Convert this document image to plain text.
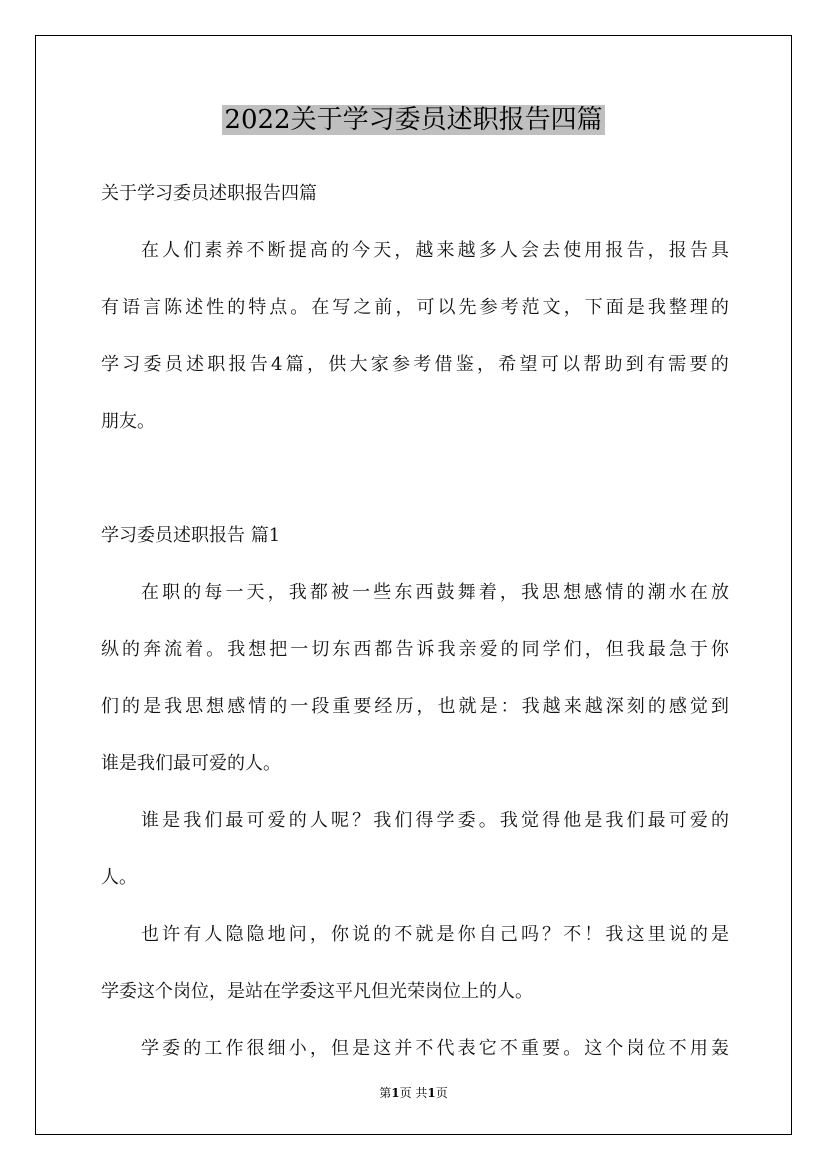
2022关于学习委员述职报告四篇
关于学习委员述职报告四篇
在 人 们 素 养 不 断 提 高 的 今 天 ， 越 来 越 多 人 会 去 使 用 报 告 ， 报 告 具
有 语 言 陈 述 性 的 特 点 。 在 写 之 前 ， 可 以 先 参 考 范 文 ， 下 面 是 我 整 理 的
学 习 委 员 述 职 报 告 4 篇 ， 供 大 家 参 考 借 鉴 ， 希 望 可 以 帮 助 到 有 需 要 的
朋友。
学习委员述职报告 篇1
在 职 的 每 一 天 ， 我 都 被 一 些 东 西 鼓 舞 着 ， 我 思 想 感 情 的 潮 水 在 放
纵 的 奔 流 着 。 我 想 把 一 切 东 西 都 告 诉 我 亲 爱 的 同 学 们 ， 但 我 最 急 于 你
们 的 是 我 思 想 感 情 的 一 段 重 要 经 历 ， 也 就 是 ： 我 越 来 越 深 刻 的 感 觉 到
谁是我们最可爱的人。
谁 是 我 们 最 可 爱 的 人 呢 ？ 我 们 得 学 委 。 我 觉 得 他 是 我 们 最 可 爱 的
人。
也 许 有 人 隐 隐 地 问 ， 你 说 的 不 就 是 你 自 己 吗 ？ 不 ！ 我 这 里 说 的 是
学委这个岗位，是站在学委这平凡但光荣岗位上的人。
学 委 的 工 作 很 细 小 ， 但 是 这 并 不 代 表 它 不 重 要 。 这 个 岗 位 不 用 轰
第1页 共1页
